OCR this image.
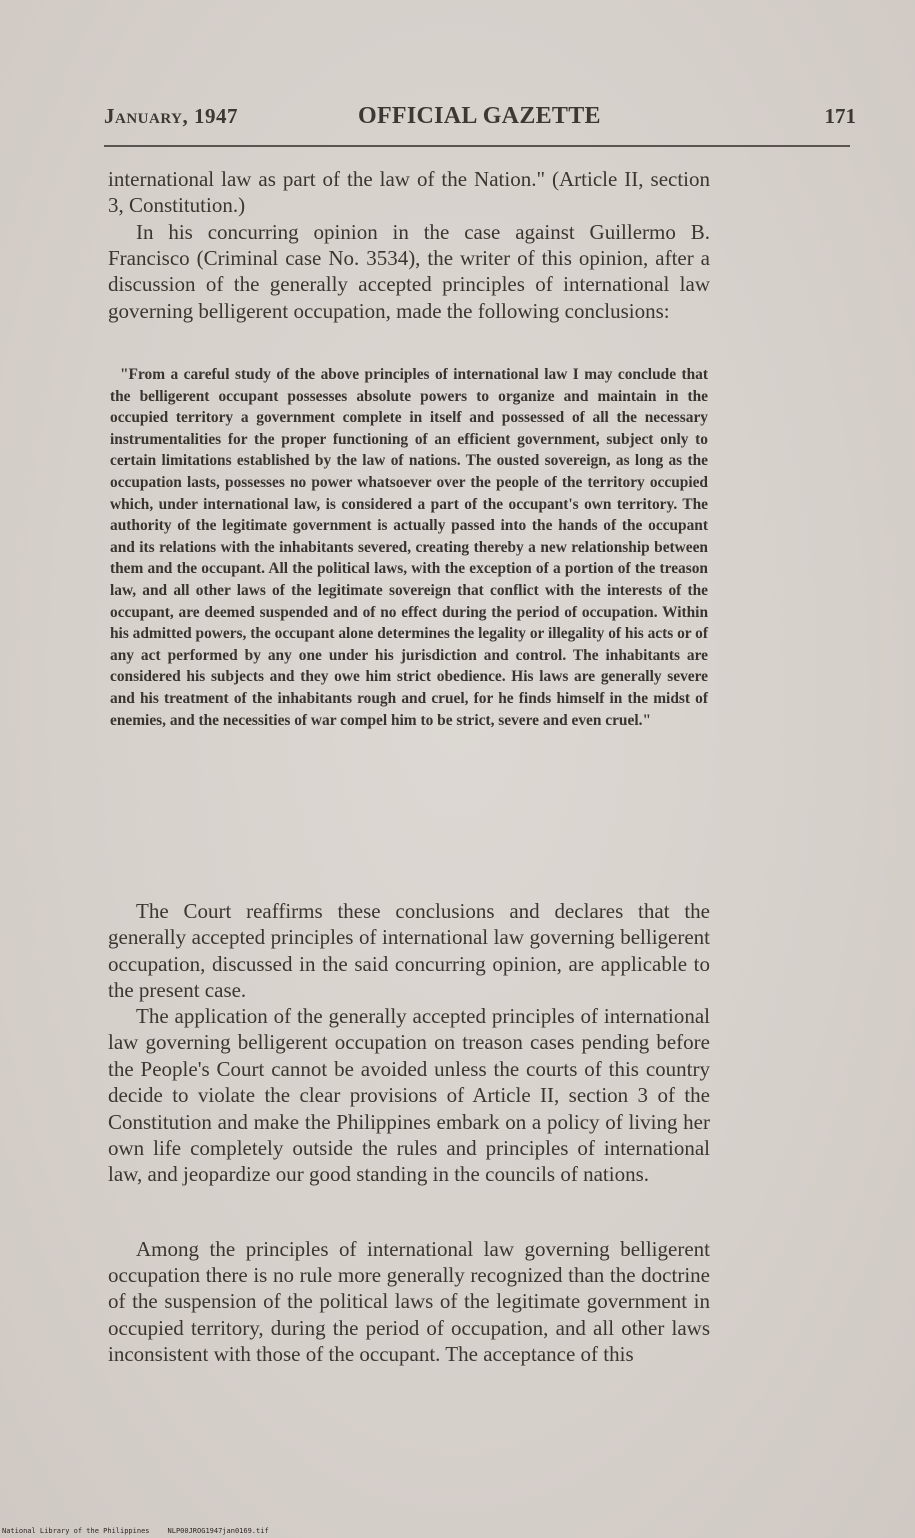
January, 1947	OFFICIAL GAZETTE	171

international law as part of the law of the Nation." (Article II, section 3, Constitution.)

In his concurring opinion in the case against Guillermo B. Francisco (Criminal case No. 3534), the writer of this opinion, after a discussion of the generally accepted principles of international law governing belligerent occupation, made the following conclusions:

"From a careful study of the above principles of international law I may conclude that the belligerent occupant possesses absolute powers to organize and maintain in the occupied territory a government complete in itself and possessed of all the necessary instrumentalities for the proper functioning of an efficient government, subject only to certain limitations established by the law of nations. The ousted sovereign, as long as the occupation lasts, possesses no power whatsoever over the people of the territory occupied which, under international law, is considered a part of the occupant's own territory. The authority of the legitimate government is actually passed into the hands of the occupant and its relations with the inhabitants severed, creating thereby a new relationship between them and the occupant. All the political laws, with the exception of a portion of the treason law, and all other laws of the legitimate sovereign that conflict with the interests of the occupant, are deemed suspended and of no effect during the period of occupation. Within his admitted powers, the occupant alone determines the legality or illegality of his acts or of any act performed by any one under his jurisdiction and control. The inhabitants are considered his subjects and they owe him strict obedience. His laws are generally severe and his treatment of the inhabitants rough and cruel, for he finds himself in the midst of enemies, and the necessities of war compel him to be strict, severe and even cruel."

The Court reaffirms these conclusions and declares that the generally accepted principles of international law governing belligerent occupation, discussed in the said concurring opinion, are applicable to the present case.

The application of the generally accepted principles of international law governing belligerent occupation on treason cases pending before the People's Court cannot be avoided unless the courts of this country decide to violate the clear provisions of Article II, section 3 of the Constitution and make the Philippines embark on a policy of living her own life completely outside the rules and principles of international law, and jeopardize our good standing in the councils of nations.

Among the principles of international law governing belligerent occupation there is no rule more generally recognized than the doctrine of the suspension of the political laws of the legitimate government in occupied territory, during the period of occupation, and all other laws inconsistent with those of the occupant. The acceptance of this

National Library of the Philippines	NLP00JROG1947jan0169.tif
